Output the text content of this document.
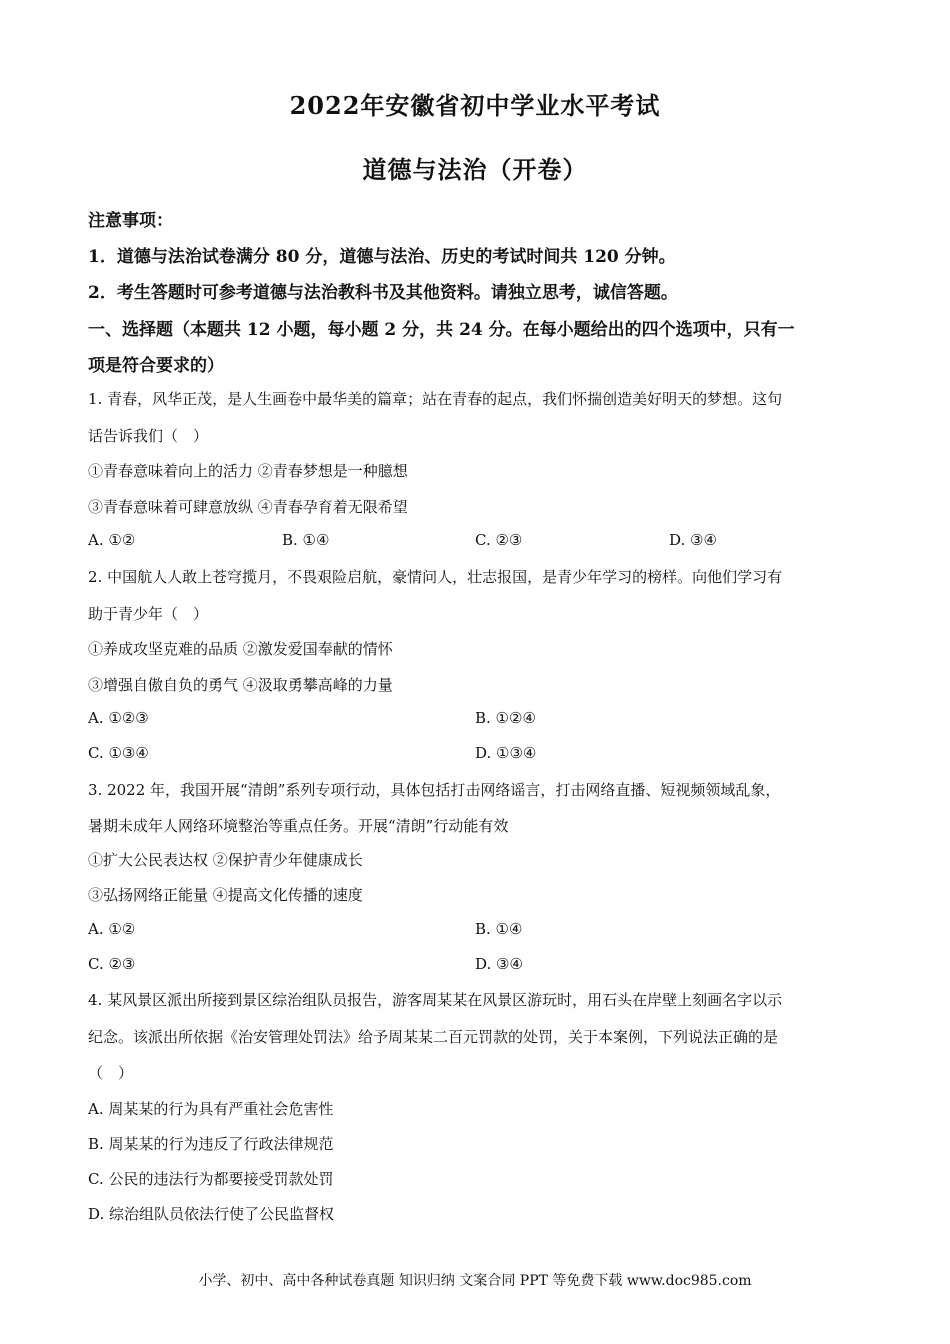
2022年安徽省初中学业水平考试
道德与法治（开卷）
注意事项：
1．道德与法治试卷满分 80 分，道德与法治、历史的考试时间共 120 分钟。
2．考生答题时可参考道德与法治教科书及其他资料。请独立思考，诚信答题。
一、选择题（本题共 12 小题，每小题 2 分，共 24 分。在每小题给出的四个选项中，只有一
项是符合要求的）
1. 青春，风华正茂，是人生画卷中最华美的篇章；站在青春的起点，我们怀揣创造美好明天的梦想。这句
话告诉我们（　）
①青春意味着向上的活力 ②青春梦想是一种臆想
③青春意味着可肆意放纵 ④青春孕育着无限希望
A. ①②	B. ①④	C. ②③	D. ③④
2. 中国航人人敢上苍穹揽月，不畏艰险启航，豪情问人，壮志报国，是青少年学习的榜样。向他们学习有
助于青少年（　）
①养成攻坚克难的品质 ②激发爱国奉献的情怀
③增强自傲自负的勇气 ④汲取勇攀高峰的力量
A. ①②③	B. ①②④
C. ①③④	D. ①③④
3. 2022 年，我国开展“清朗”系列专项行动，具体包括打击网络谣言，打击网络直播、短视频领域乱象，
暑期未成年人网络环境整治等重点任务。开展“清朗”行动能有效
①扩大公民表达权 ②保护青少年健康成长
③弘扬网络正能量 ④提高文化传播的速度
A. ①②	B. ①④
C. ②③	D. ③④
4. 某风景区派出所接到景区综治组队员报告，游客周某某在风景区游玩时，用石头在岸壁上刻画名字以示
纪念。该派出所依据《治安管理处罚法》给予周某某二百元罚款的处罚，关于本案例，下列说法正确的是
（　）
A. 周某某的行为具有严重社会危害性
B. 周某某的行为违反了行政法律规范
C. 公民的违法行为都要接受罚款处罚
D. 综治组队员依法行使了公民监督权
小学、初中、高中各种试卷真题 知识归纳 文案合同 PPT 等免费下载 www.doc985.com
